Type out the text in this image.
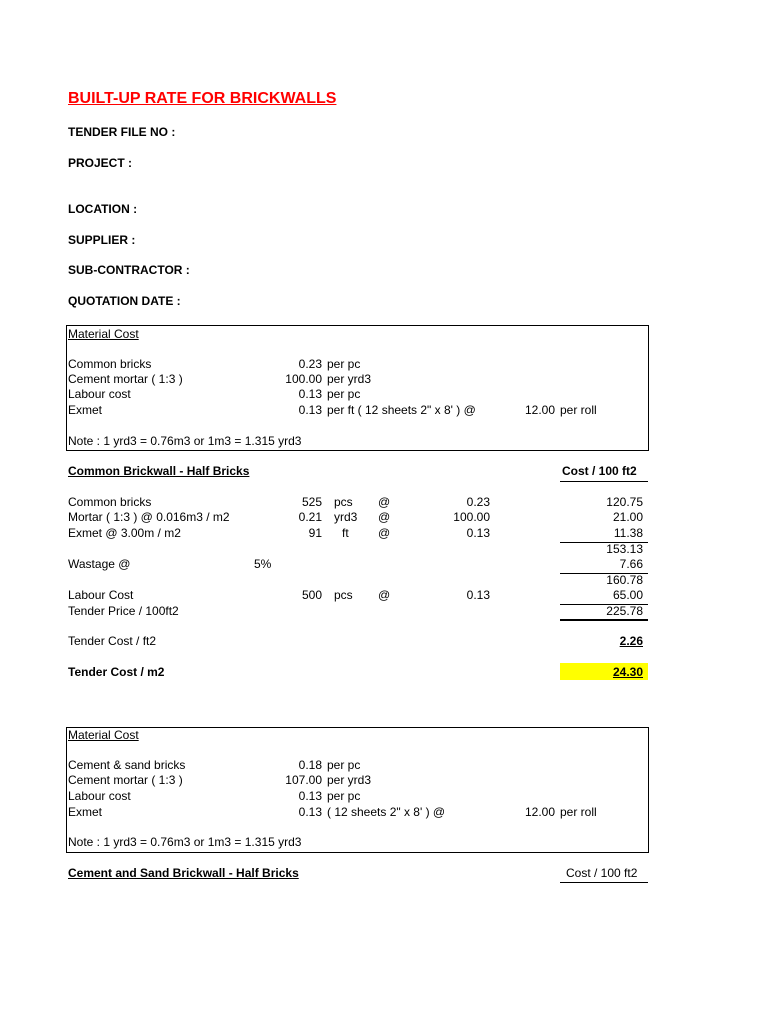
BUILT-UP RATE FOR BRICKWALLS
TENDER FILE NO :
PROJECT :
LOCATION :
SUPPLIER :
SUB-CONTRACTOR :
QUOTATION DATE :
Material Cost
Common bricks	0.23 per pc
Cement mortar ( 1:3 )	100.00 per yrd3
Labour cost	0.13 per pc
Exmet	0.13 per ft ( 12 sheets 2" x 8' ) @	12.00 per roll
Note : 1 yrd3 = 0.76m3 or 1m3 = 1.315 yrd3
Common Brickwall - Half Bricks	Cost / 100 ft2
Common bricks	525 pcs @	0.23	120.75
Mortar ( 1:3 ) @ 0.016m3 / m2	0.21 yrd3 @	100.00	21.00
Exmet @ 3.00m / m2	91 ft @	0.13	11.38
153.13
Wastage @	5%	7.66
160.78
Labour Cost	500 pcs @	0.13	65.00
Tender Price / 100ft2	225.78
Tender Cost / ft2	2.26
Tender Cost / m2	24.30
Material Cost
Cement & sand bricks	0.18 per pc
Cement mortar ( 1:3 )	107.00 per yrd3
Labour cost	0.13 per pc
Exmet	0.13 ( 12 sheets 2" x 8' ) @	12.00 per roll
Note : 1 yrd3 = 0.76m3 or 1m3 = 1.315 yrd3
Cement and Sand Brickwall - Half Bricks	Cost / 100 ft2
